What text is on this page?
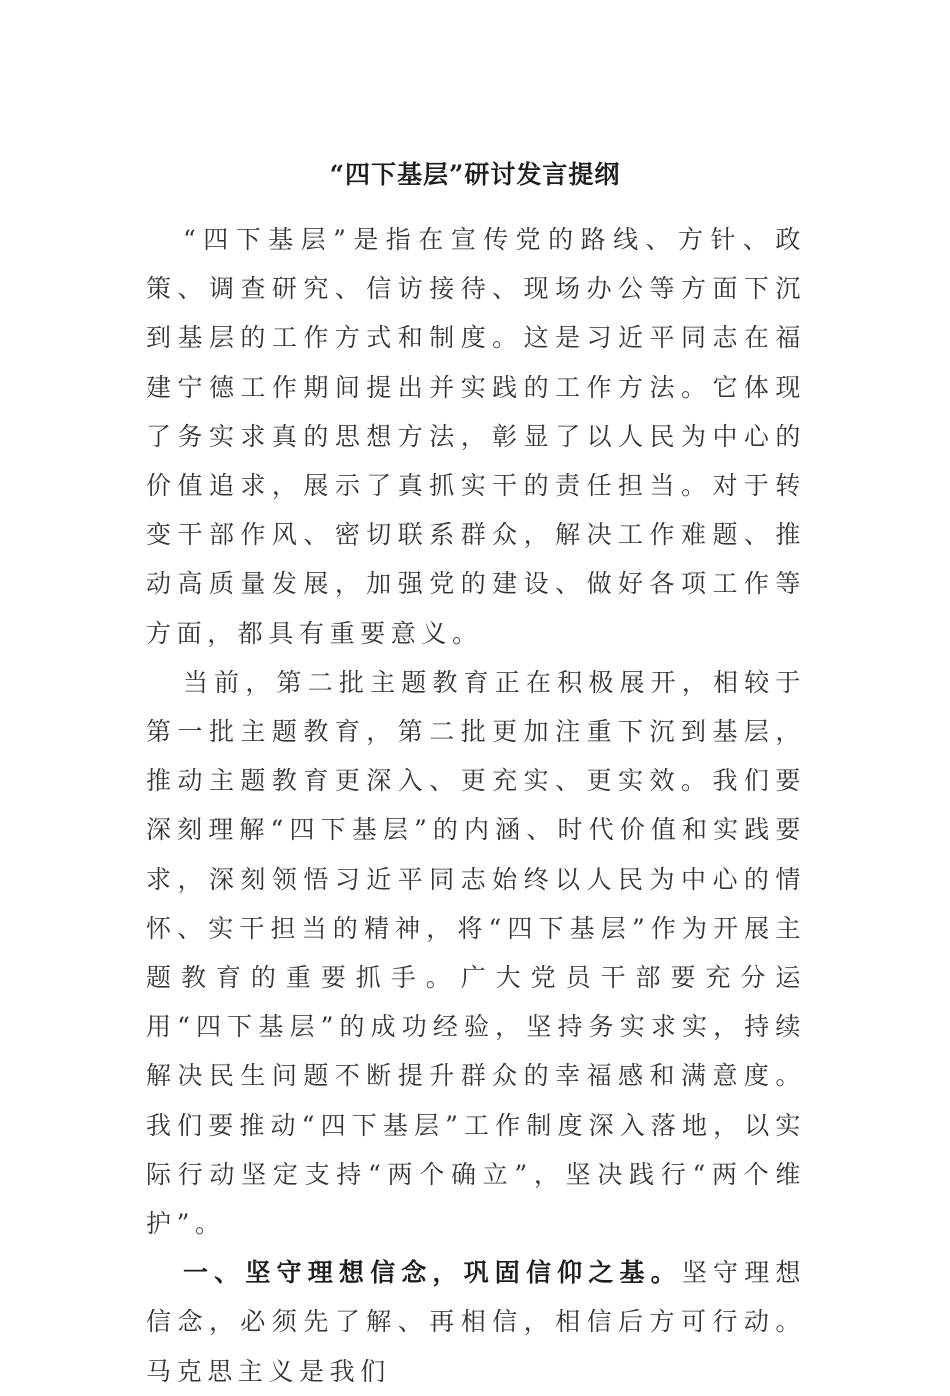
“四下基层”研讨发言提纲

“四下基层”是指在宣传党的路线、方针、政策、调查研究、信访接待、现场办公等方面下沉到基层的工作方式和制度。这是习近平同志在福建宁德工作期间提出并实践的工作方法。它体现了务实求真的思想方法，彰显了以人民为中心的价值追求，展示了真抓实干的责任担当。对于转变干部作风、密切联系群众，解决工作难题、推动高质量发展，加强党的建设、做好各项工作等方面，都具有重要意义。

当前，第二批主题教育正在积极展开，相较于第一批主题教育，第二批更加注重下沉到基层，推动主题教育更深入、更充实、更实效。我们要深刻理解“四下基层”的内涵、时代价值和实践要求，深刻领悟习近平同志始终以人民为中心的情怀、实干担当的精神，将“四下基层”作为开展主题教育的重要抓手。广大党员干部要充分运用“四下基层”的成功经验，坚持务实求实，持续解决民生问题不断提升群众的幸福感和满意度。我们要推动“四下基层”工作制度深入落地，以实际行动坚定支持“两个确立”，坚决践行“两个维护”。

一、坚守理想信念，巩固信仰之基。坚守理想信念，必须先了解、再相信，相信后方可行动。马克思主义是我们
